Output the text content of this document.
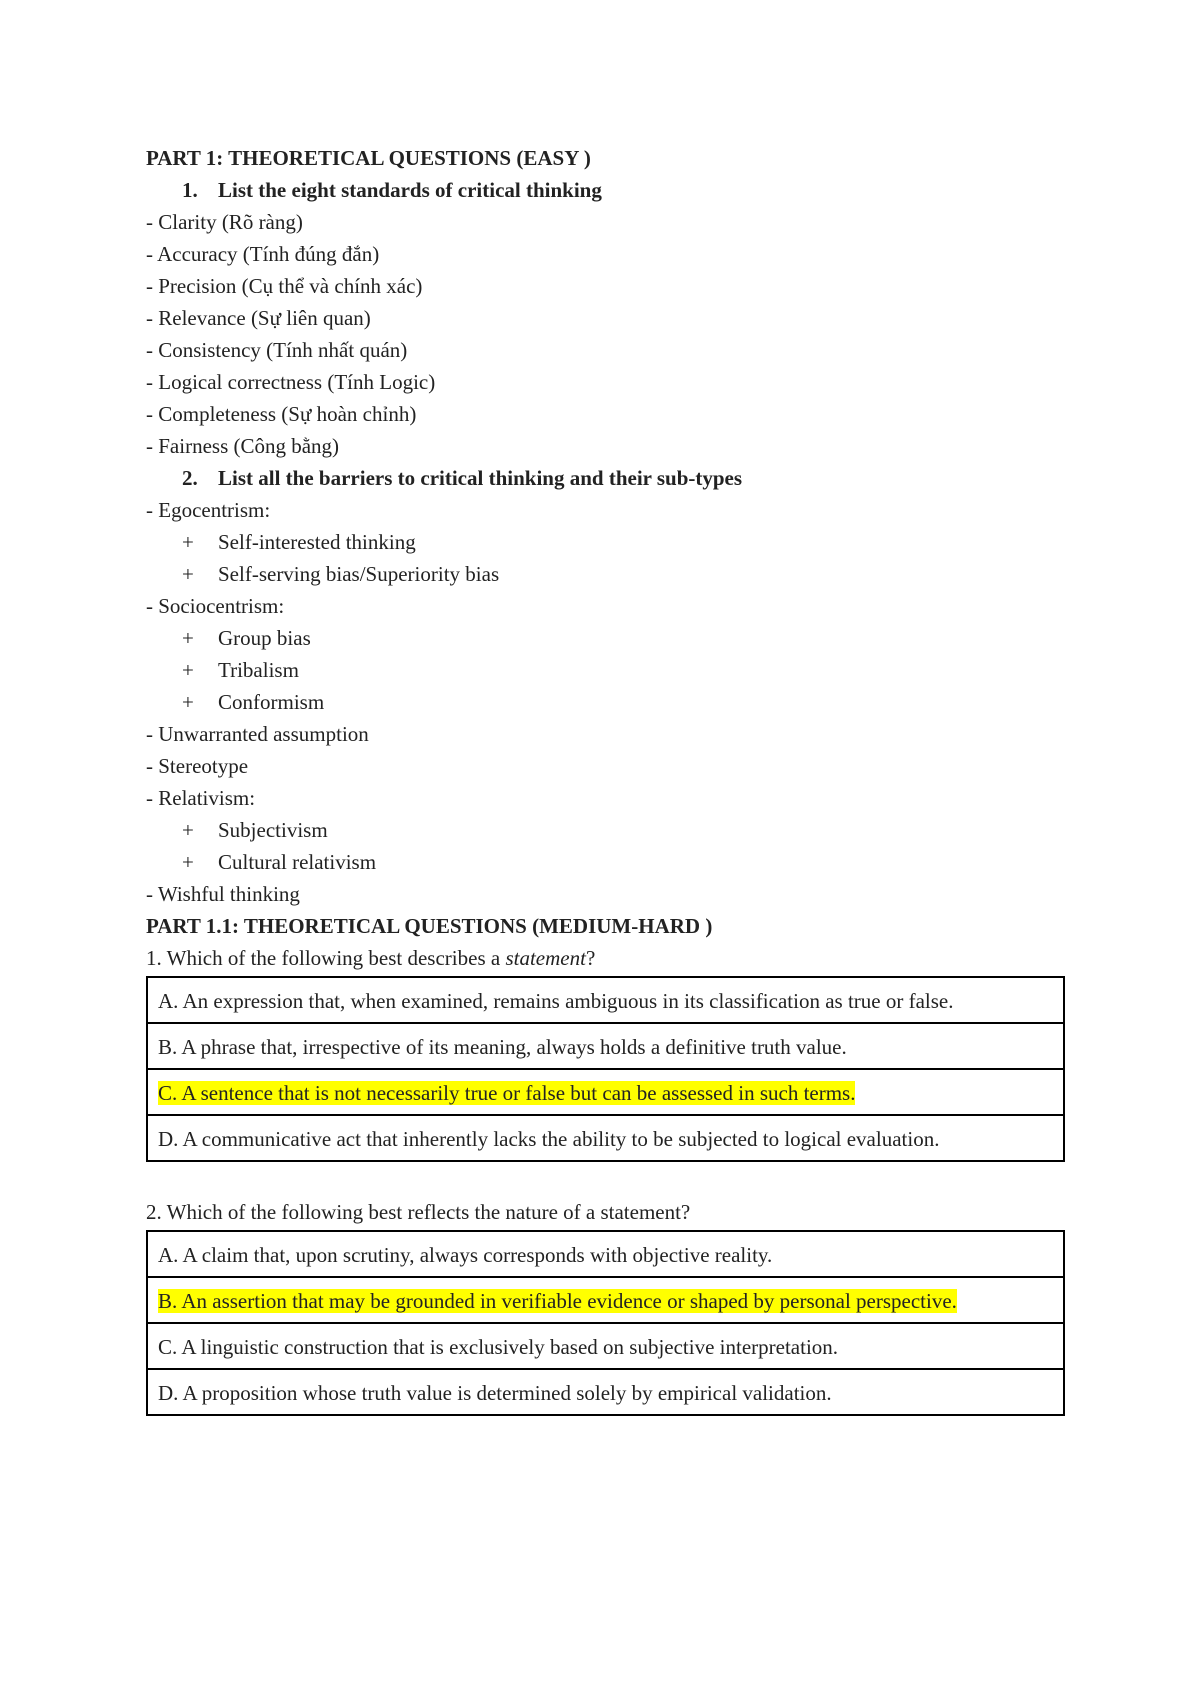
PART 1: THEORETICAL QUESTIONS (EASY )
1. List the eight standards of critical thinking
- Clarity (Rõ ràng)
- Accuracy (Tính đúng đắn)
- Precision (Cụ thể và chính xác)
- Relevance (Sự liên quan)
- Consistency (Tính nhất quán)
- Logical correctness (Tính Logic)
- Completeness (Sự hoàn chỉnh)
- Fairness (Công bằng)
2. List all the barriers to critical thinking and their sub-types
- Egocentrism:
+ Self-interested thinking
+ Self-serving bias/Superiority bias
- Sociocentrism:
+ Group bias
+ Tribalism
+ Conformism
- Unwarranted assumption
- Stereotype
- Relativism:
+ Subjectivism
+ Cultural relativism
- Wishful thinking
PART 1.1: THEORETICAL QUESTIONS (MEDIUM-HARD )
1. Which of the following best describes a statement?
A. An expression that, when examined, remains ambiguous in its classification as true or false.
B. A phrase that, irrespective of its meaning, always holds a definitive truth value.
C. A sentence that is not necessarily true or false but can be assessed in such terms.
D. A communicative act that inherently lacks the ability to be subjected to logical evaluation.
2. Which of the following best reflects the nature of a statement?
A. A claim that, upon scrutiny, always corresponds with objective reality.
B. An assertion that may be grounded in verifiable evidence or shaped by personal perspective.
C. A linguistic construction that is exclusively based on subjective interpretation.
D. A proposition whose truth value is determined solely by empirical validation.
